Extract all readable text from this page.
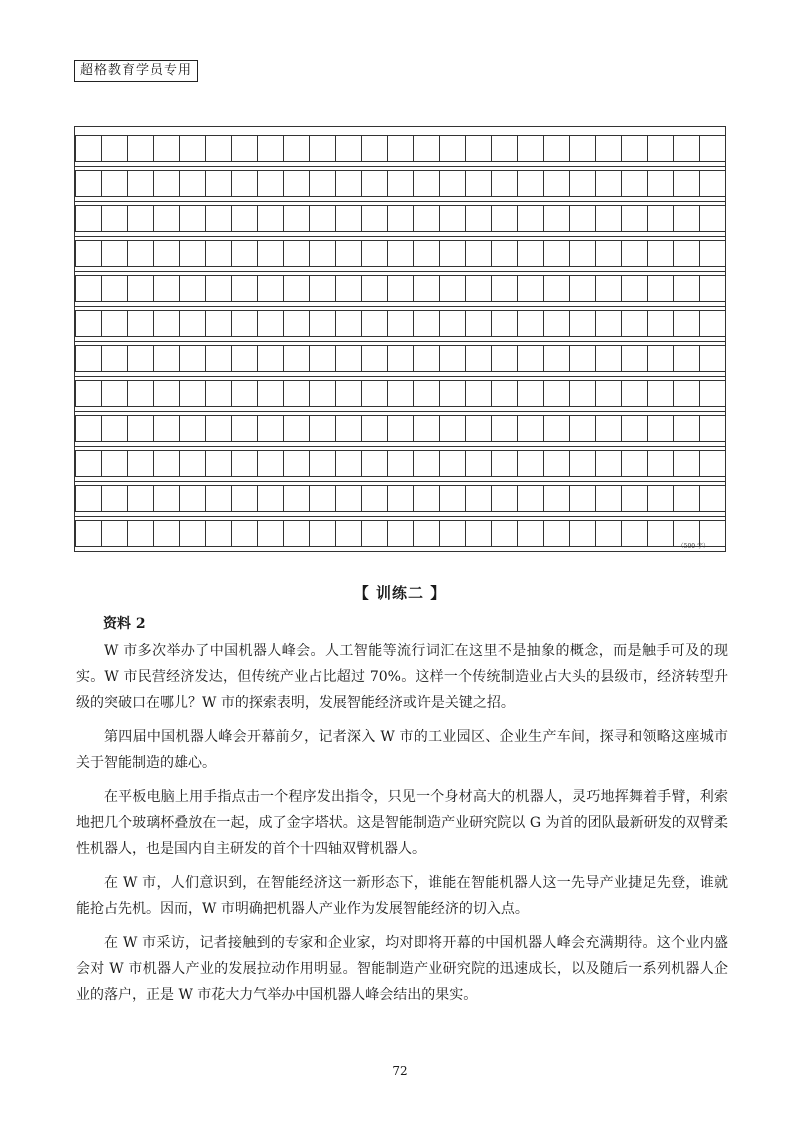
超格教育学员专用
（500 字）
【 训练二 】
资料 2

W 市多次举办了中国机器人峰会。人工智能等流行词汇在这里不是抽象的概念，而是触手可及的现实。W 市民营经济发达，但传统产业占比超过 70%。这样一个传统制造业占大头的县级市，经济转型升级的突破口在哪儿？W 市的探索表明，发展智能经济或许是关键之招。

第四届中国机器人峰会开幕前夕，记者深入 W 市的工业园区、企业生产车间，探寻和领略这座城市关于智能制造的雄心。

在平板电脑上用手指点击一个程序发出指令，只见一个身材高大的机器人，灵巧地挥舞着手臂，利索地把几个玻璃杯叠放在一起，成了金字塔状。这是智能制造产业研究院以 G 为首的团队最新研发的双臂柔性机器人，也是国内自主研发的首个十四轴双臂机器人。

在 W 市，人们意识到，在智能经济这一新形态下，谁能在智能机器人这一先导产业捷足先登，谁就能抢占先机。因而，W 市明确把机器人产业作为发展智能经济的切入点。

在 W 市采访，记者接触到的专家和企业家，均对即将开幕的中国机器人峰会充满期待。这个业内盛会对 W 市机器人产业的发展拉动作用明显。智能制造产业研究院的迅速成长，以及随后一系列机器人企业的落户，正是 W 市花大力气举办中国机器人峰会结出的果实。

72
